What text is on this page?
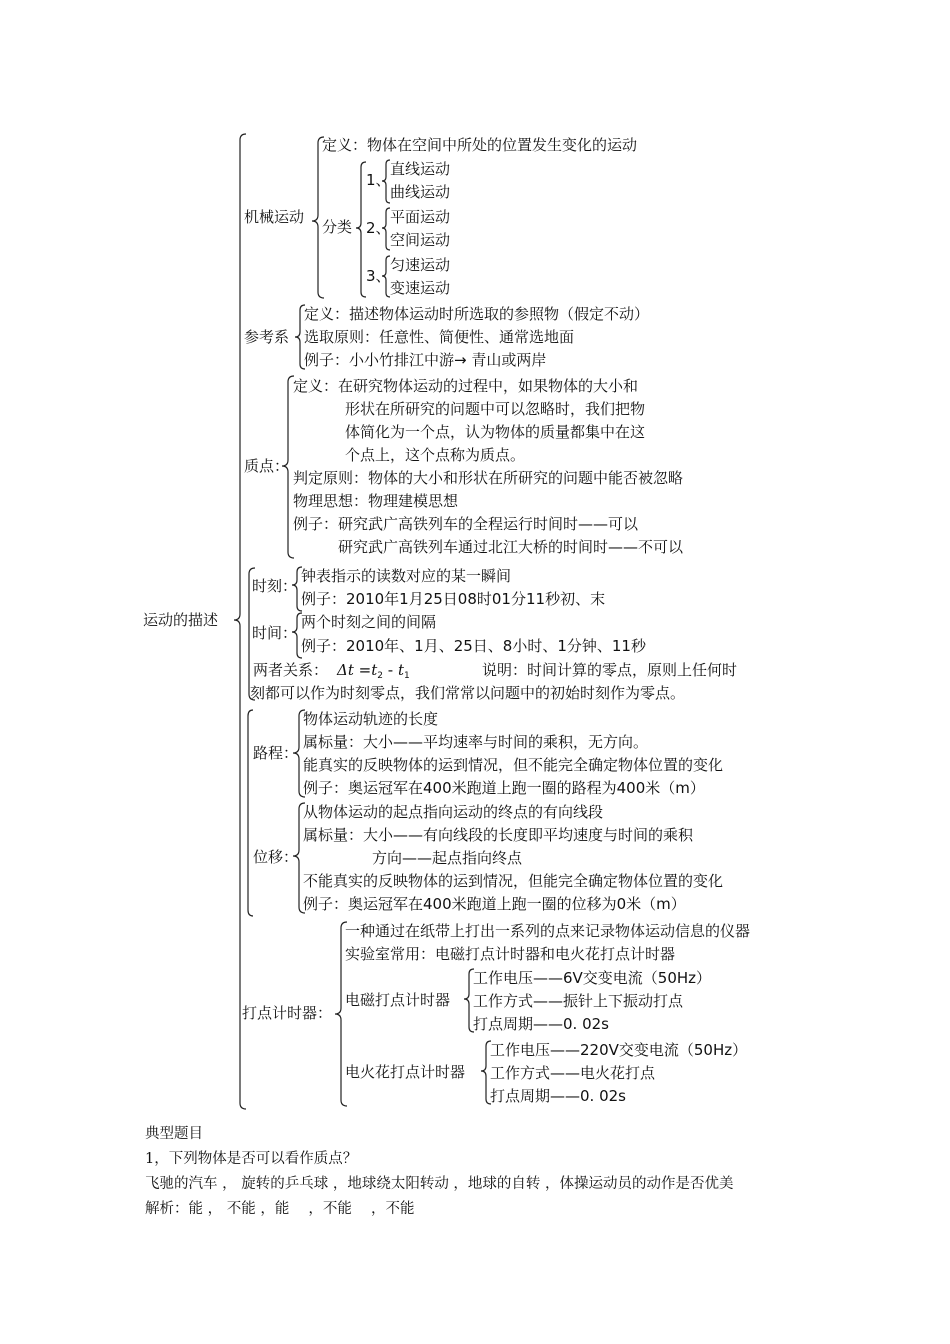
运动的描述
机械运动
定义：物体在空间中所处的位置发生变化的运动
分类
1、
直线运动
曲线运动
2、
平面运动
空间运动
3、
匀速运动
变速运动
参考系
定义：描述物体运动时所选取的参照物（假定不动）
选取原则：任意性、简便性、通常选地面
例子：小小竹排江中游→ 青山或两岸
质点：
定义：在研究物体运动的过程中，如果物体的大小和
形状在所研究的问题中可以忽略时，我们把物
体简化为一个点，认为物体的质量都集中在这
个点上，这个点称为质点。
判定原则：物体的大小和形状在所研究的问题中能否被忽略
物理思想：物理建模思想
例子：研究武广高铁列车的全程运行时间时——可以
研究武广高铁列车通过北江大桥的时间时——不可以
时刻：
钟表指示的读数对应的某一瞬间
例子：2010年1月25日08时01分11秒初、末
时间：
两个时刻之间的间隔
例子：2010年、1月、25日、8小时、1分钟、11秒
两者关系： $\Delta t =t_2 - t_1$	说明：时间计算的零点，原则上任何时
刻都可以作为时刻零点，我们常常以问题中的初始时刻作为零点。
路程：
物体运动轨迹的长度
属标量：大小——平均速率与时间的乘积，无方向。
能真实的反映物体的运到情况，但不能完全确定物体位置的变化
例子：奥运冠军在400米跑道上跑一圈的路程为400米（m）
位移：
从物体运动的起点指向运动的终点的有向线段
属标量：大小——有向线段的长度即平均速度与时间的乘积
方向——起点指向终点
不能真实的反映物体的运到情况，但能完全确定物体位置的变化
例子：奥运冠军在400米跑道上跑一圈的位移为0米（m）
打点计时器：
一种通过在纸带上打出一系列的点来记录物体运动信息的仪器
实验室常用：电磁打点计时器和电火花打点计时器
电磁打点计时器
工作电压——6V交变电流（50Hz）
工作方式——振针上下振动打点
打点周期——0. 02s
电火花打点计时器
工作电压——220V交变电流（50Hz）
工作方式——电火花打点
打点周期——0. 02s
典型题目
1，下列物体是否可以看作质点？
飞驰的汽车 ， 旋转的乒乓球 ，地球绕太阳转动 ，地球的自转 ，体操运动员的动作是否优美
解析：能 ， 不能 ，能 　，不能 　，不能
